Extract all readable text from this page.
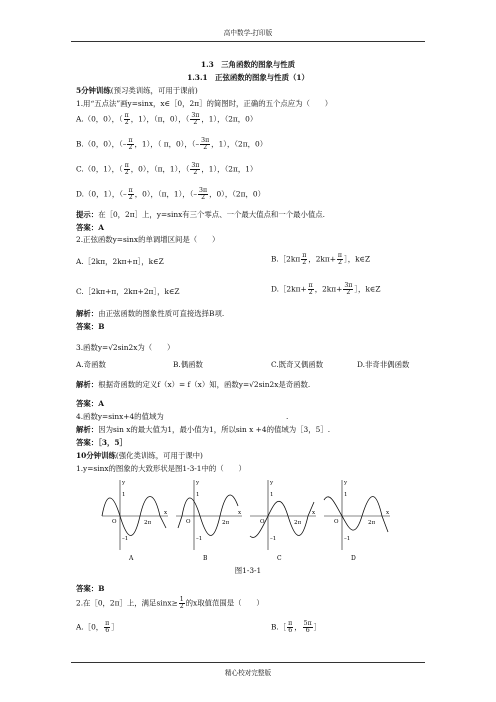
高中数学-打印版
1.3　三角函数的图象与性质
1.3.1　正弦函数的图象与性质（1）
5分钟训练(预习类训练，可用于课前)
1.用“五点法”画y=sinx，x∈［0，2π］的简图时，正确的五个点应为（　　）
A.（0，0），（ $\frac{\pi}{2}$ ，1），（π，0），（ $\frac{3\pi}{2}$ ，1），（2π，0）
B.（0，0），（– $\frac{\pi}{2}$ ，1），（ π，0），（– $\frac{3\pi}{2}$ ，1），（2π，0）
C.（0，1），（ $\frac{\pi}{2}$ ，0），（π，1），（ $\frac{3\pi}{2}$ ，1），（2π，1）
D.（0，1），（– $\frac{\pi}{2}$ ，0），（π，1），（– $\frac{3\pi}{2}$ ，0），（2π，0）
提示：在［0，2π］上，y=sinx有三个零点、一个最大值点和一个最小值点.
答案：A
2.正弦函数y=sinx的单调增区间是（　　）
A.［2kπ，2kπ+π］，k∈Z	B.［2kπ $\frac{\pi}{2}$ ，$2k\pi+ \frac{\pi}{2}$ ］，k∈Z
C.［2kπ+π，2kπ+2π］，k∈Z	D.［2kπ+ $\frac{\pi}{2}$ ，$2k\pi+ \frac{3\pi}{2}$ ］，k∈Z
解析：由正弦函数的图象性质可直接选择B项.
答案：B
3.函数y=√2sin2x为（　　）
A.奇函数	B.偶函数	C.既奇又偶函数	D.非奇非偶函数
解析：根据奇函数的定义f（x）= f（x）知，函数y=√2sin2x是奇函数.
答案：A
4.函数y=sinx+4的值域为	.
解析：因为sin x的最大值为1，最小值为1，所以sin x +4的值域为［3，5］.
答案：［3，5］
10分钟训练(强化类训练，可用于课中)
1.y=sinx的图象的大致形状是图1-3-1中的（　　）
O
1
–1
2π
x
y
A
O
1
–1
2π
x
y
B
O
1
–1
2π
x
y
C
O
1
–1
2π
x
y
D
图1-3-1
答案：B
2.在［0，2π］上，满足$\sin x\ge \frac{1}{2}$ 的x取值范围是（　　）
A.［0， $\frac{\pi}{6}$ ］	B.［ $\frac{\pi}{6}$ ， $\frac{5\pi}{6}$ ］
精心校对完整版
